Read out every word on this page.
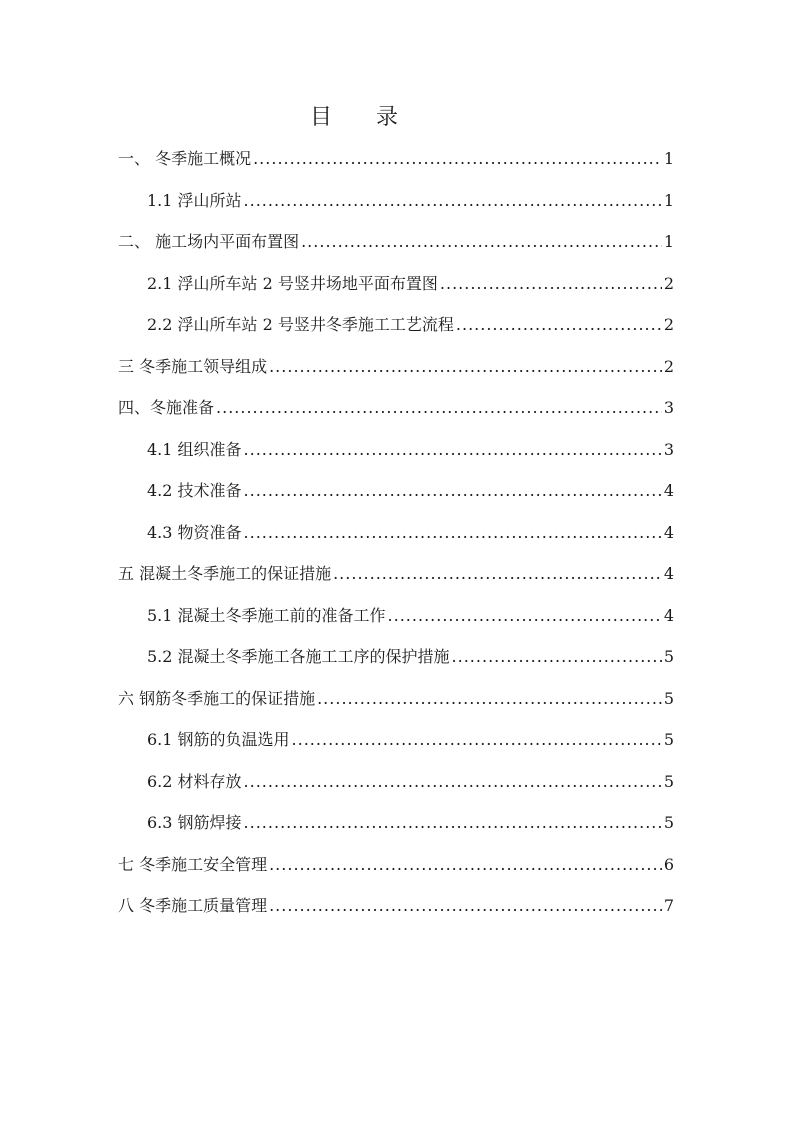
目 录
一、 冬季施工概况 .....	1
1.1 浮山所站 .....	1
二、 施工场内平面布置图 .....	1
2.1 浮山所车站 2 号竖井场地平面布置图 .....	2
2.2 浮山所车站 2 号竖井冬季施工工艺流程 .....	2
三 冬季施工领导组成 .....	2
四、冬施准备 .....	3
4.1 组织准备 .....	3
4.2 技术准备 .....	4
4.3 物资准备 .....	4
五 混凝土冬季施工的保证措施 .....	4
5.1 混凝土冬季施工前的准备工作 .....	4
5.2 混凝土冬季施工各施工工序的保护措施 .....	5
六 钢筋冬季施工的保证措施 .....	5
6.1 钢筋的负温选用 .....	5
6.2 材料存放 .....	5
6.3 钢筋焊接 .....	5
七 冬季施工安全管理 .....	6
八 冬季施工质量管理 .....	7
